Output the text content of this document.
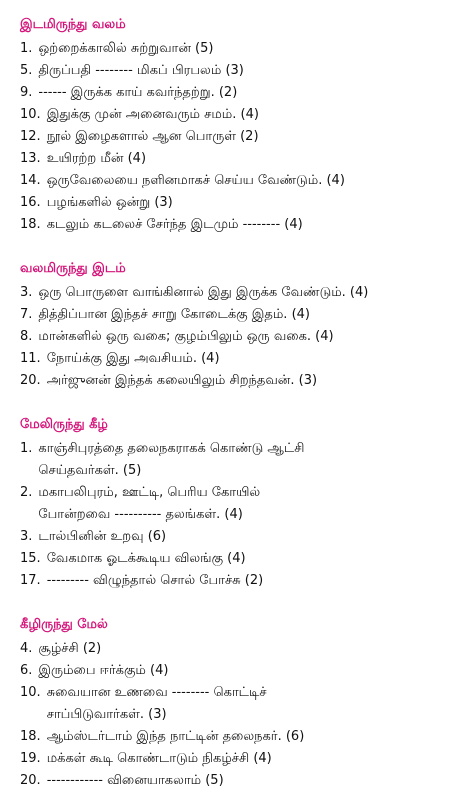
இடமிருந்து வலம்
1. ஒற்றைக்காலில் சுற்றுவான் (5)
5. திருப்பதி -------- மிகப் பிரபலம் (3)
9. ------ இருக்க காய் கவர்ந்தற்று. (2)
10. இதுக்கு முன் அனைவரும் சமம். (4)
12. நூல் இழைகளால் ஆன பொருள் (2)
13. உயிரற்ற மீன் (4)
14. ஒருவேலையை நளினமாகச் செய்ய வேண்டும். (4)
16. பழங்களில் ஒன்று (3)
18. கடலும் கடலைச் சேர்ந்த இடமும் -------- (4)
வலமிருந்து இடம்
3. ஒரு பொருளை வாங்கினால் இது இருக்க வேண்டும். (4)
7. தித்திப்பான இந்தச் சாறு கோடைக்கு இதம். (4)
8. மான்களில் ஒரு வகை; குழம்பிலும் ஒரு வகை. (4)
11. நோய்க்கு இது அவசியம். (4)
20. அர்ஜுனன் இந்தக் கலையிலும் சிறந்தவன். (3)
மேலிருந்து கீழ்
1. காஞ்சிபுரத்தை தலைநகராகக் கொண்டு ஆட்சி
செய்தவர்கள். (5)
2. மகாபலிபுரம், ஊட்டி, பெரிய கோயில்
போன்றவை ---------- தலங்கள். (4)
3. டால்பினின் உறவு (6)
15. வேகமாக ஓடக்கூடிய விலங்கு (4)
17. --------- விழுந்தால் சொல் போச்சு (2)
கீழிருந்து மேல்
4. சூழ்ச்சி (2)
6. இரும்பை ஈர்க்கும் (4)
10. சுவையான உணவை -------- கொட்டிச்
சாப்பிடுவார்கள். (3)
18. ஆம்ஸ்டர்டாம் இந்த நாட்டின் தலைநகர். (6)
19. மக்கள் கூடி கொண்டாடும் நிகழ்ச்சி (4)
20. ------------ வினையாகலாம் (5)
